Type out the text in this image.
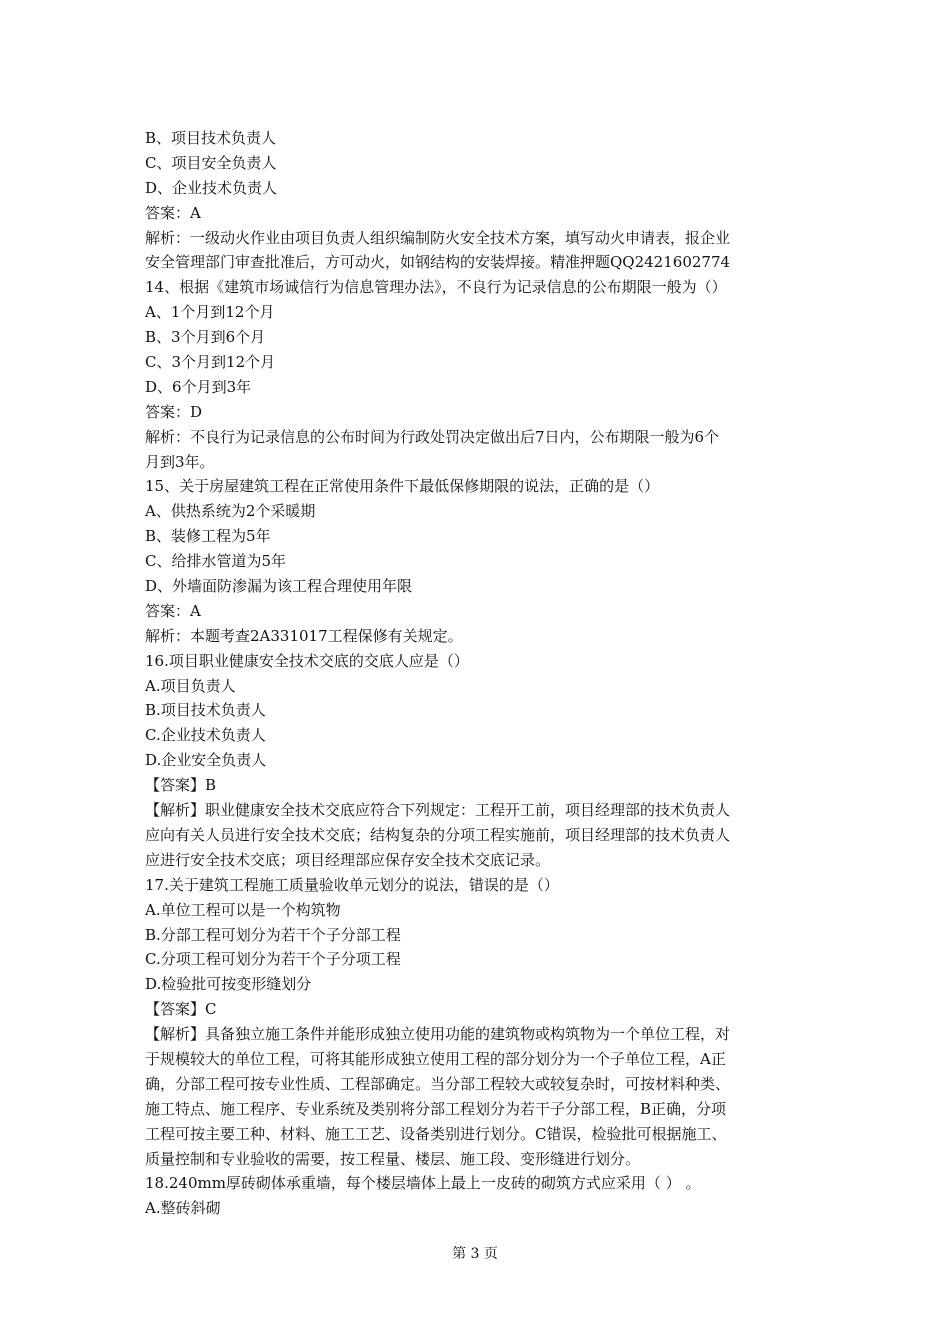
B、项目技术负责人
C、项目安全负责人
D、企业技术负责人
答案：A
解析：一级动火作业由项目负责人组织编制防火安全技术方案，填写动火申请表，报企业
安全管理部门审查批准后，方可动火，如钢结构的安装焊接。精准押题QQ2421602774
14、根据《建筑市场诚信行为信息管理办法》，不良行为记录信息的公布期限一般为（）
A、1个月到12个月
B、3个月到6个月
C、3个月到12个月
D、6个月到3年
答案：D
解析：不良行为记录信息的公布时间为行政处罚决定做出后7日内，公布期限一般为6个
月到3年。
15、关于房屋建筑工程在正常使用条件下最低保修期限的说法，正确的是（）
A、供热系统为2个采暖期
B、装修工程为5年
C、给排水管道为5年
D、外墙面防渗漏为该工程合理使用年限
答案：A
解析：本题考查2A331017工程保修有关规定。
16.项目职业健康安全技术交底的交底人应是（）
A.项目负责人
B.项目技术负责人
C.企业技术负责人
D.企业安全负责人
【答案】B
【解析】职业健康安全技术交底应符合下列规定：工程开工前，项目经理部的技术负责人
应向有关人员进行安全技术交底；结构复杂的分项工程实施前，项目经理部的技术负责人
应进行安全技术交底；项目经理部应保存安全技术交底记录。
17.关于建筑工程施工质量验收单元划分的说法，错误的是（）
A.单位工程可以是一个构筑物
B.分部工程可划分为若干个子分部工程
C.分项工程可划分为若干个子分项工程
D.检验批可按变形缝划分
【答案】C
【解析】具备独立施工条件并能形成独立使用功能的建筑物或构筑物为一个单位工程，对
于规模较大的单位工程，可将其能形成独立使用工程的部分划分为一个子单位工程，A正
确，分部工程可按专业性质、工程部确定。当分部工程较大或较复杂时，可按材料种类、
施工特点、施工程序、专业系统及类别将分部工程划分为若干子分部工程，B正确，分项
工程可按主要工种、材料、施工工艺、设备类别进行划分。C错误，检验批可根据施工、
质量控制和专业验收的需要，按工程量、楼层、施工段、变形缝进行划分。
18.240mm厚砖砌体承重墙，每个楼层墙体上最上一皮砖的砌筑方式应采用（ ） 。
A.整砖斜砌
第 3 页
